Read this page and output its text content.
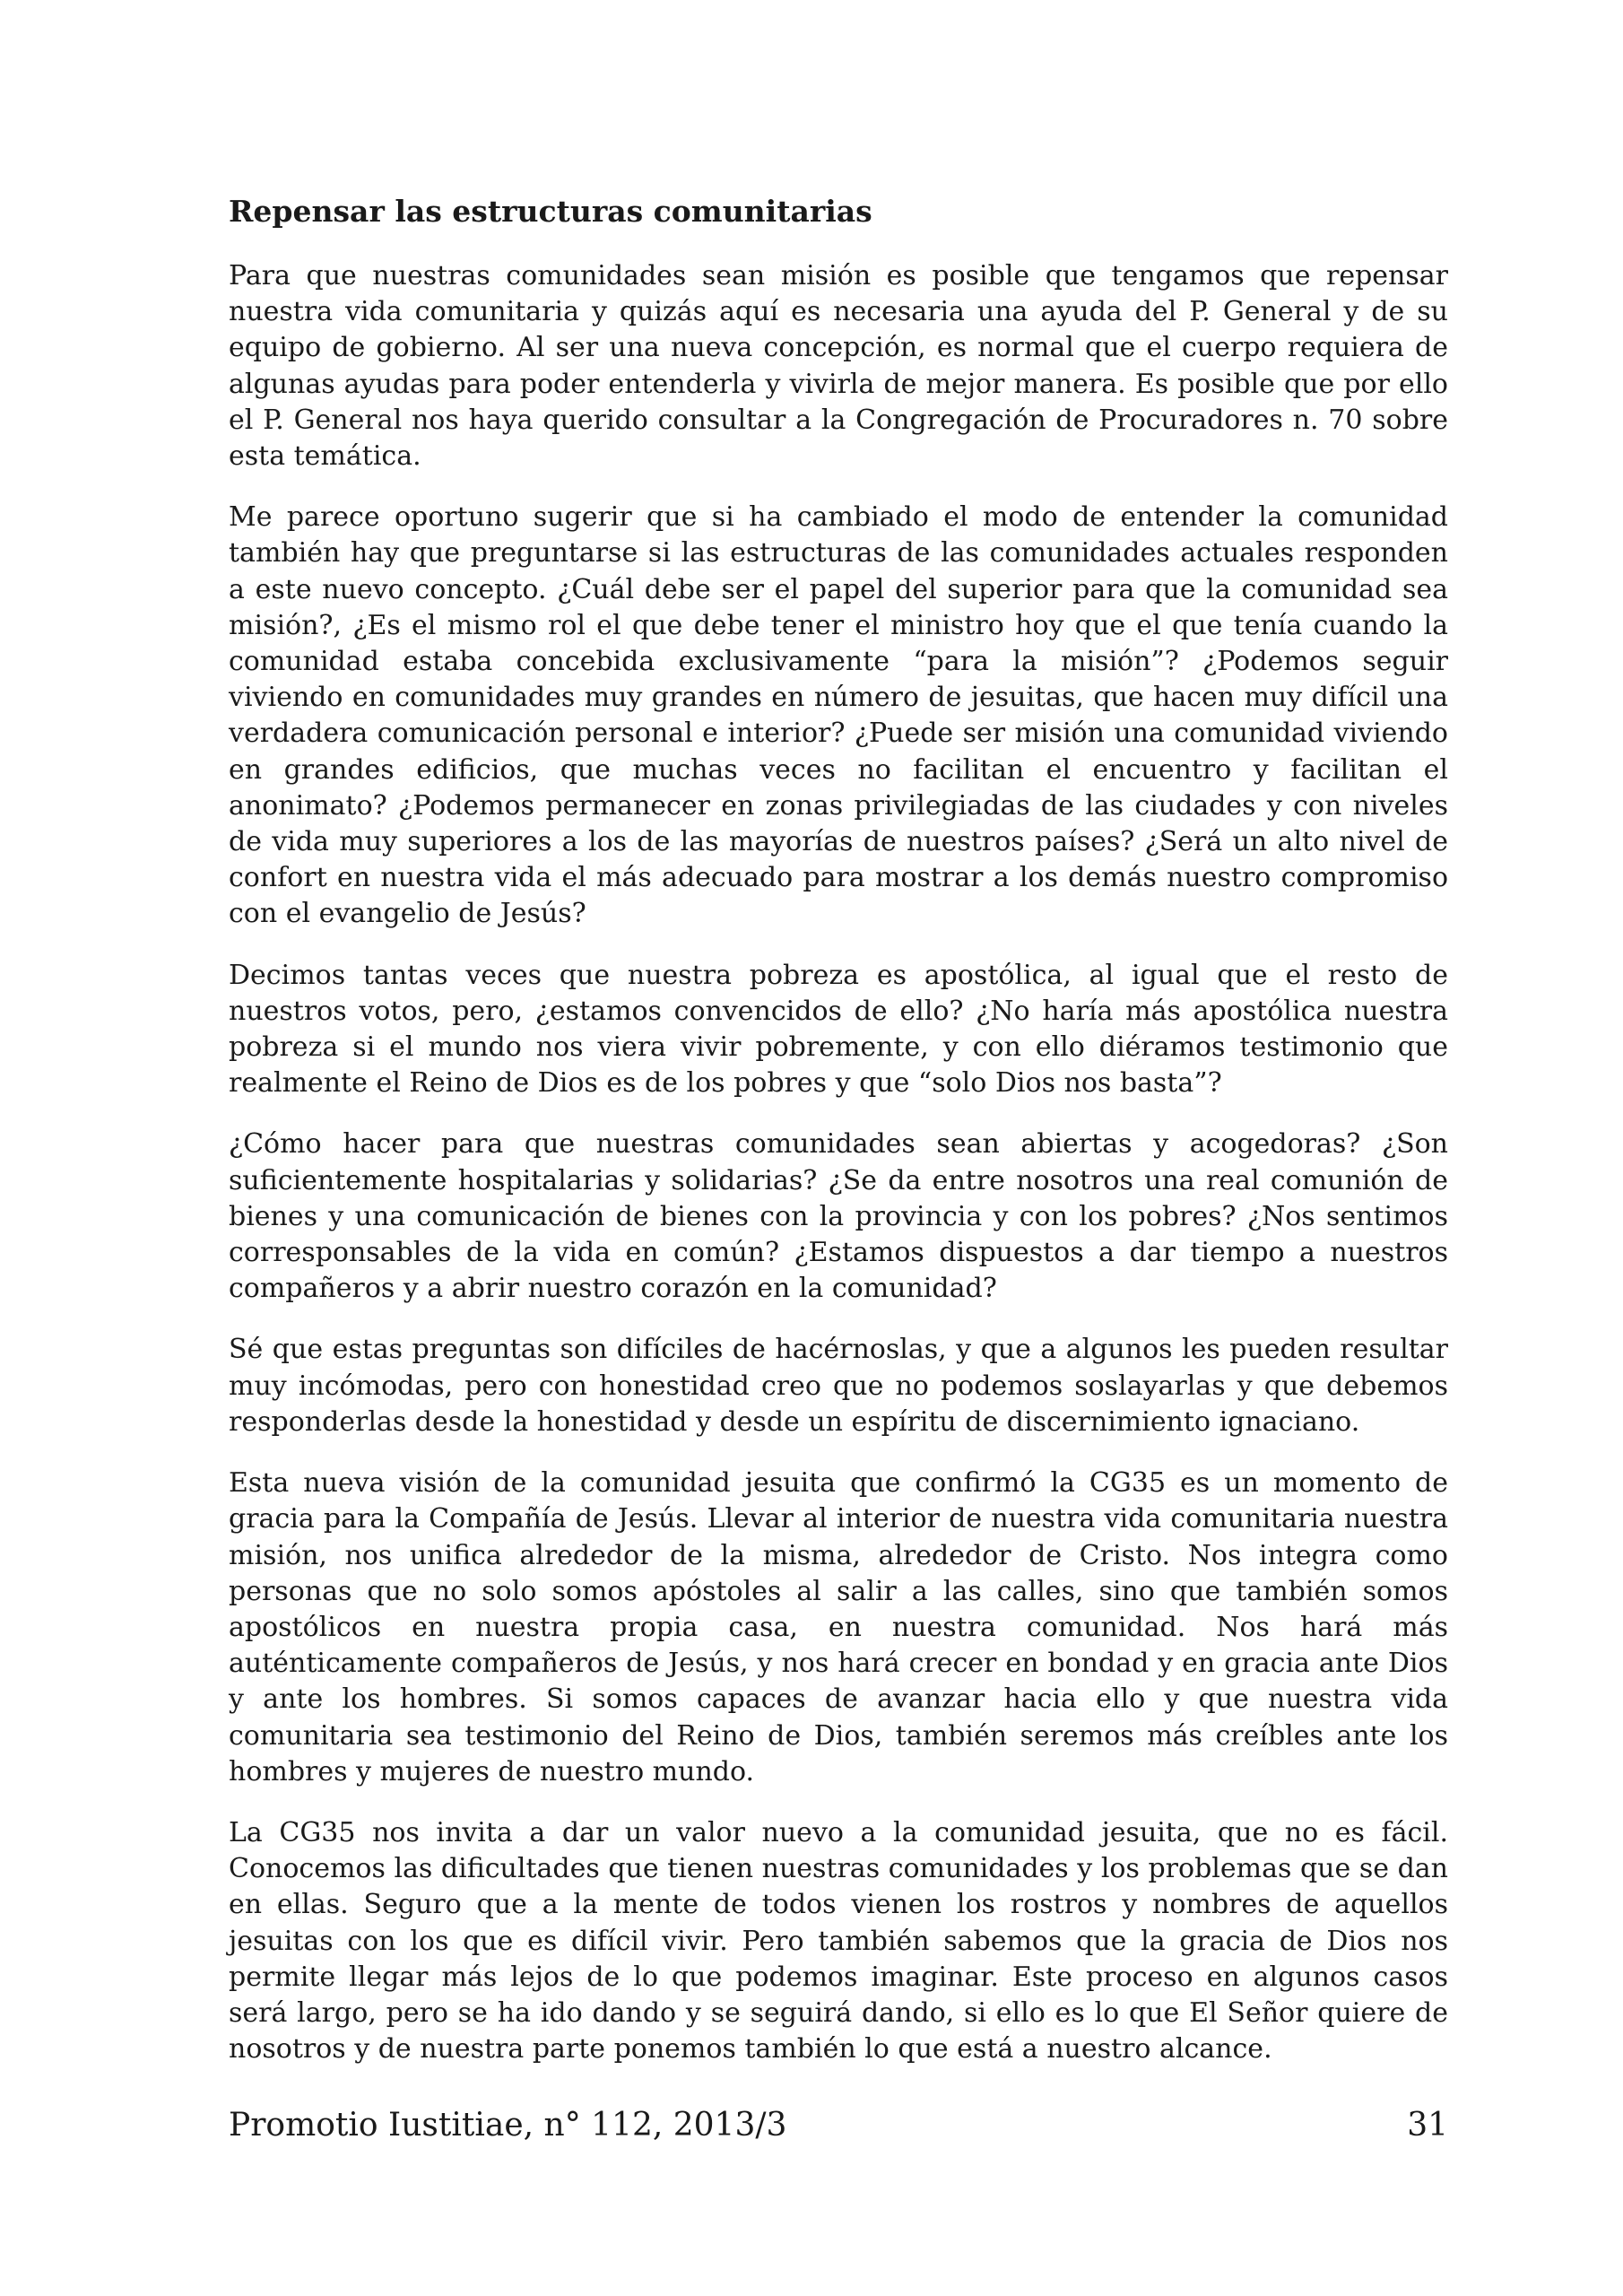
Repensar las estructuras comunitarias

Para que nuestras comunidades sean misión es posible que tengamos que repensar nuestra vida comunitaria y quizás aquí es necesaria una ayuda del P. General y de su equipo de gobierno. Al ser una nueva concepción, es normal que el cuerpo requiera de algunas ayudas para poder entenderla y vivirla de mejor manera. Es posible que por ello el P. General nos haya querido consultar a la Congregación de Procuradores n. 70 sobre esta temática.

Me parece oportuno sugerir que si ha cambiado el modo de entender la comunidad también hay que preguntarse si las estructuras de las comunidades actuales responden a este nuevo concepto. ¿Cuál debe ser el papel del superior para que la comunidad sea misión?, ¿Es el mismo rol el que debe tener el ministro hoy que el que tenía cuando la comunidad estaba concebida exclusivamente “para la misión”? ¿Podemos seguir viviendo en comunidades muy grandes en número de jesuitas, que hacen muy difícil una verdadera comunicación personal e interior? ¿Puede ser misión una comunidad viviendo en grandes edificios, que muchas veces no facilitan el encuentro y facilitan el anonimato? ¿Podemos permanecer en zonas privilegiadas de las ciudades y con niveles de vida muy superiores a los de las mayorías de nuestros países? ¿Será un alto nivel de confort en nuestra vida el más adecuado para mostrar a los demás nuestro compromiso con el evangelio de Jesús?

Decimos tantas veces que nuestra pobreza es apostólica, al igual que el resto de nuestros votos, pero, ¿estamos convencidos de ello? ¿No haría más apostólica nuestra pobreza si el mundo nos viera vivir pobremente, y con ello diéramos testimonio que realmente el Reino de Dios es de los pobres y que “solo Dios nos basta”?

¿Cómo hacer para que nuestras comunidades sean abiertas y acogedoras? ¿Son suficientemente hospitalarias y solidarias? ¿Se da entre nosotros una real comunión de bienes y una comunicación de bienes con la provincia y con los pobres? ¿Nos sentimos corresponsables de la vida en común? ¿Estamos dispuestos a dar tiempo a nuestros compañeros y a abrir nuestro corazón en la comunidad?

Sé que estas preguntas son difíciles de hacérnoslas, y que a algunos les pueden resultar muy incómodas, pero con honestidad creo que no podemos soslayarlas y que debemos responderlas desde la honestidad y desde un espíritu de discernimiento ignaciano.

Esta nueva visión de la comunidad jesuita que confirmó la CG35 es un momento de gracia para la Compañía de Jesús. Llevar al interior de nuestra vida comunitaria nuestra misión, nos unifica alrededor de la misma, alrededor de Cristo. Nos integra como personas que no solo somos apóstoles al salir a las calles, sino que también somos apostólicos en nuestra propia casa, en nuestra comunidad. Nos hará más auténticamente compañeros de Jesús, y nos hará crecer en bondad y en gracia ante Dios y ante los hombres. Si somos capaces de avanzar hacia ello y que nuestra vida comunitaria sea testimonio del Reino de Dios, también seremos más creíbles ante los hombres y mujeres de nuestro mundo.

La CG35 nos invita a dar un valor nuevo a la comunidad jesuita, que no es fácil. Conocemos las dificultades que tienen nuestras comunidades y los problemas que se dan en ellas. Seguro que a la mente de todos vienen los rostros y nombres de aquellos jesuitas con los que es difícil vivir. Pero también sabemos que la gracia de Dios nos permite llegar más lejos de lo que podemos imaginar. Este proceso en algunos casos será largo, pero se ha ido dando y se seguirá dando, si ello es lo que El Señor quiere de nosotros y de nuestra parte ponemos también lo que está a nuestro alcance.

Promotio Iustitiae, n° 112, 2013/3	31
